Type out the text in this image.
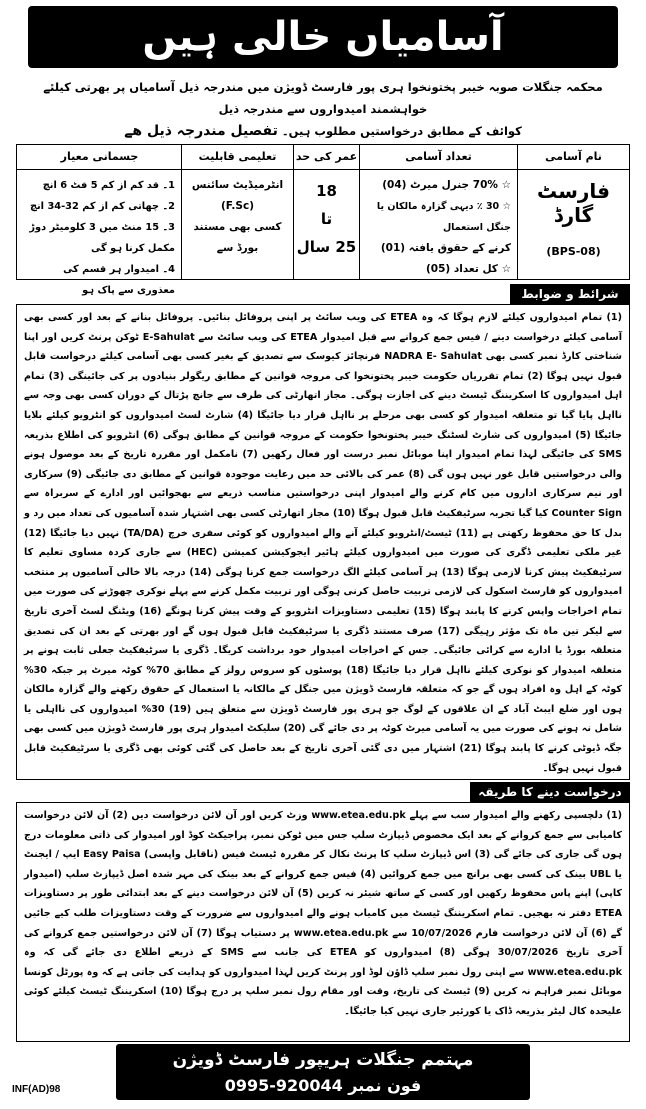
آسامیاں خالی ہیں
محکمہ جنگلات صوبہ خیبر پختونخوا ہری پور فارسٹ ڈویژن میں مندرجہ ذیل آسامیاں پر بھرتی کیلئے خواہشمند امیدواروں سے مندرجہ ذیل
کوائف کے مطابق درخواستیں مطلوب ہیں۔ تفصیل مندرجہ ذیل ھے
نام آسامی
تعداد آسامی
عمر کی حد
تعلیمی قابلیت
جسمانی معیار
فارسٹ گارڈ
(BPS-08)
☆ 70% جنرل میرٹ (04)
☆ 30 ٪ دیہی گزارہ مالکان یا جنگل استعمال
کرنے کے حقوق یافتہ (01)
☆ کل تعداد (05)
18
تا
25 سال
انٹرمیڈیٹ سائنس (F.Sc)
کسی بھی مستند بورڈ سے
1۔ قد کم از کم 5 فٹ 6 انچ
2۔ چھاتی کم از کم 32-34 انچ
3۔ 15 منٹ میں 3 کلومیٹر دوڑ مکمل کرنا ہو گی
4۔ امیدوار ہر قسم کی معذوری سے پاک ہو	شرائط و ضوابط
(1) تمام امیدواروں کیلئے لازم ہوگا کہ وہ ETEA کی ویب سائٹ پر اپنی پروفائل بنائیں۔ پروفائل بنانے کے بعد اور کسی بھی آسامی کیلئے درخواست دینے / فیس جمع کروانے سے قبل امیدوار ETEA کی ویب سائٹ سے E-Sahulat ٹوکن پرنٹ کریں اور اپنا شناختی کارڈ نمبر کسی بھی NADRA E- Sahulat فرنچائز کیوسک سے تصدیق کے بغیر کسی بھی آسامی کیلئے درخواست قابل قبول نہیں ہوگا (2) تمام تقرریاں حکومت خیبر پختونخوا کی مروجہ قوانین کے مطابق ریگولر بنیادوں پر کی جائینگی (3) تمام اہل امیدواروں کا اسکریننگ ٹیسٹ دینے کی اجازت ہوگی۔ مجاز اتھارٹی کی طرف سے جانچ پڑتال کے دوران کسی بھی وجہ سے نااہل پایا گیا تو متعلقہ امیدوار کو کسی بھی مرحلے پر نااہل قرار دیا جائیگا (4) شارٹ لسٹ امیدواروں کو انٹرویو کیلئے بلایا جائیگا (5) امیدواروں کی شارٹ لسٹنگ خیبر پختونخوا حکومت کے مروجہ قوانین کے مطابق ہوگی (6) انٹرویو کی اطلاع بذریعہ SMS کی جائیگی لہذا تمام امیدوار اپنا موبائل نمبر درست اور فعال رکھیں (7) نامکمل اور مقررہ تاریخ کے بعد موصول ہونے والی درخواستیں قابل غور نہیں ہوں گی (8) عمر کی بالائی حد میں رعایت موجودہ قوانین کے مطابق دی جائیگی (9) سرکاری اور نیم سرکاری اداروں میں کام کرنے والے امیدوار اپنی درخواستیں مناسب ذریعے سے بھجوائیں اور ادارے کے سربراہ سے Counter Sign کیا گیا تجربہ سرٹیفکیٹ قابل قبول ہوگا (10) مجاز اتھارٹی کسی بھی اشتہار شدہ آسامیوں کی تعداد میں رد و بدل کا حق محفوظ رکھتی ہے (11) ٹیسٹ/انٹرویو کیلئے آنے والے امیدواروں کو کوئی سفری خرچ (TA/DA) نہیں دیا جائیگا (12) غیر ملکی تعلیمی ڈگری کی صورت میں امیدواروں کیلئے ہائیر ایجوکیشن کمیشن (HEC) سے جاری کردہ مساوی تعلیم کا سرٹیفکیٹ پیش کرنا لازمی ہوگا (13) ہر آسامی کیلئے الگ درخواست جمع کرنا ہوگی (14) درجہ بالا خالی آسامیوں پر منتخب امیدواروں کو فارسٹ اسکول کی لازمی تربیت حاصل کرنی ہوگی اور تربیت مکمل کرنے سے پہلے نوکری چھوڑنے کی صورت میں تمام اخراجات واپس کرنے کا پابند ہوگا (15) تعلیمی دستاویزات انٹرویو کے وقت پیش کرنا ہونگے (16) ویٹنگ لسٹ آخری تاریخ سے لیکر تین ماہ تک مؤثر رہیگی (17) صرف مستند ڈگری یا سرٹیفکیٹ قابل قبول ہوں گے اور بھرتی کے بعد ان کی تصدیق متعلقہ بورڈ یا ادارے سے کرائی جائیگی۔ جس کے اخراجات امیدوار خود برداشت کریگا۔ ڈگری یا سرٹیفکیٹ جعلی ثابت ہونے پر متعلقہ امیدوار کو نوکری کیلئے نااہل قرار دیا جائیگا (18) پوسٹوں کو سروس رولز کے مطابق 70% کوٹہ میرٹ پر جبکہ 30% کوٹہ کے اہل وہ افراد ہوں گے جو کہ متعلقہ فارسٹ ڈویژن میں جنگل کے مالکانہ یا استعمال کے حقوق رکھنے والے گزارہ مالکان ہوں اور ضلع ایبٹ آباد کے ان علاقوں کے لوگ جو ہری پور فارسٹ ڈویژن سے متعلق ہیں (19) 30% امیدواروں کی نااہلی یا شامل نہ ہونے کی صورت میں یہ آسامی میرٹ کوٹہ پر دی جائے گی (20) سلیکٹ امیدوار ہری پور فارسٹ ڈویژن میں کسی بھی جگہ ڈیوٹی کرنے کا پابند ہوگا (21) اشتہار میں دی گئی آخری تاریخ کے بعد حاصل کی گئی کوئی بھی ڈگری یا سرٹیفکیٹ قابل قبول نہیں ہوگا۔
درخواست دینے کا طریقہ
(1) دلچسپی رکھنے والے امیدوار سب سے پہلے www.etea.edu.pk وزٹ کریں اور آن لائن درخواست دیں (2) آن لائن درخواست کامیابی سے جمع کروانے کے بعد ایک مخصوص ڈیپازٹ سلپ جس میں ٹوکن نمبر، پراجیکٹ کوڈ اور امیدوار کی ذاتی معلومات درج ہوں گی جاری کی جائے گی (3) اس ڈیپازٹ سلپ کا پرنٹ نکال کر مقررہ ٹیسٹ فیس (ناقابل واپسی) Easy Paisa ایپ / ایجنٹ یا UBL بینک کی کسی بھی برانچ میں جمع کروائیں (4) فیس جمع کروانے کے بعد بینک کی مہر شدہ اصل ڈیپازٹ سلپ (امیدوار کاپی) اپنے پاس محفوظ رکھیں اور کسی کے ساتھ شیئر نہ کریں (5) آن لائن درخواست دینے کے بعد ابتدائی طور پر دستاویزات ETEA دفتر نہ بھجیں۔ تمام اسکریننگ ٹیسٹ میں کامیاب ہونے والے امیدواروں سے ضرورت کے وقت دستاویزات طلب کیے جائیں گے (6) آن لائن درخواست فارم 10/07/2026 سے www.etea.edu.pk پر دستیاب ہوگا (7) آن لائن درخواستیں جمع کروانے کی آخری تاریخ 30/07/2026 ہوگی (8) امیدواروں کو ETEA کی جانب سے SMS کے ذریعے اطلاع دی جائے گی کہ وہ www.etea.edu.pk سے اپنی رول نمبر سلپ ڈاؤن لوڈ اور پرنٹ کریں لہذا امیدواروں کو ہدایت کی جاتی ہے کہ وہ پورٹل کونسا موبائل نمبر فراہم نہ کریں (9) ٹیسٹ کی تاریخ، وقت اور مقام رول نمبر سلپ پر درج ہوگا (10) اسکریننگ ٹیسٹ کیلئے کوئی علیحدہ کال لیٹر بذریعہ ڈاک یا کورئیر جاری نہیں کیا جائیگا۔
مہتمم جنگلات ہریپور فارسٹ ڈویژن
فون نمبر 920044-0995
INF(AD)98
